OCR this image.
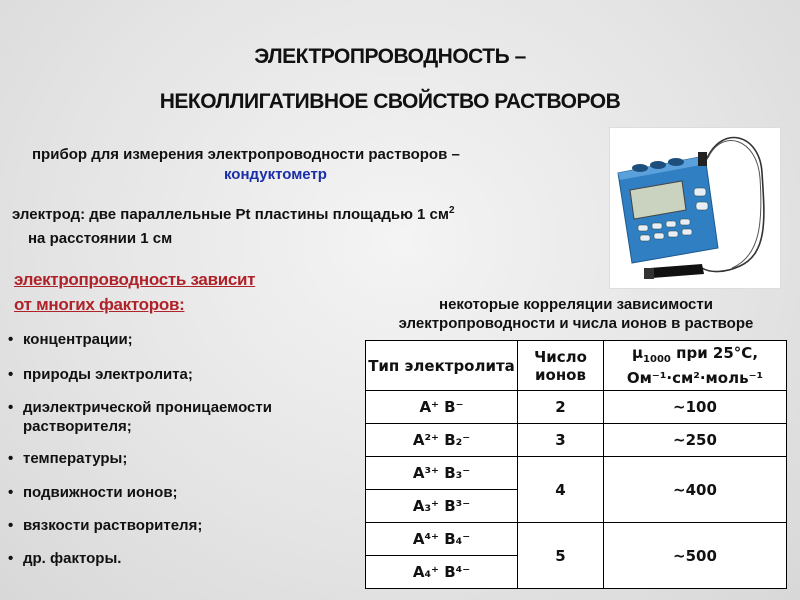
ЭЛЕКТРОПРОВОДНОСТЬ –
НЕКОЛЛИГАТИВНОЕ СВОЙСТВО РАСТВОРОВ
прибор для измерения электропроводности растворов –
кондуктометр
электрод: две параллельные Pt пластины площадью 1 $см^2$
на расстоянии 1 см
электропроводность зависит
от многих факторов:
• концентрации;
• природы электролита;
• диэлектрической проницаемости растворителя;
• температуры;
• подвижности ионов;
• вязкости растворителя;
• др. факторы.
некоторые корреляции зависимости
электропроводности и числа ионов в растворе
Тип электролита	Число ионов	$\mu_{1000}$ при 25°С,
Ом⁻¹·см²·моль⁻¹

A⁺ B⁻	2	~100
A²⁺ B₂⁻	3	~250
A³⁺ B₃⁻	4	~400
A₃⁺ B³⁻		
A⁴⁺ B₄⁻	5	~500
A₄⁺ B⁴⁻		
